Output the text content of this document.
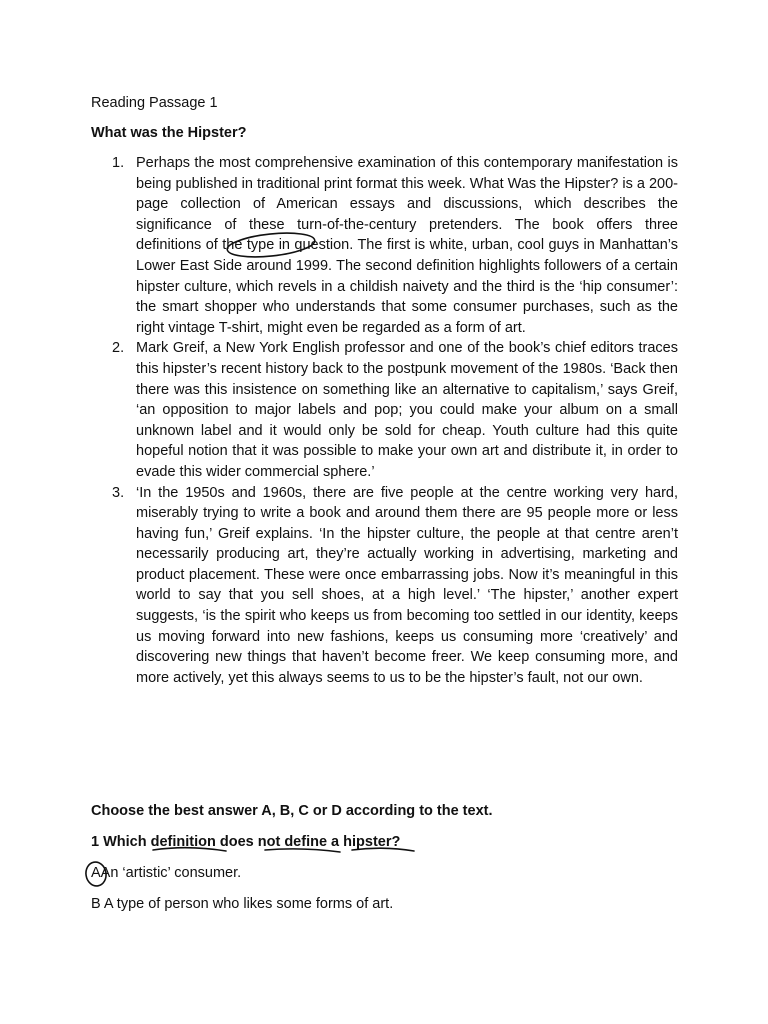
Reading Passage 1
What was the Hipster?
1. Perhaps the most comprehensive examination of this contemporary manifestation is being published in traditional print format this week. What Was the Hipster? is a 200-page collection of American essays and discussions, which describes the significance of these turn-of-the-century pretenders. The book offers three definitions of the type in question. The first is white, urban, cool guys in Manhattan’s Lower East Side around 1999. The second definition highlights followers of a certain hipster culture, which revels in a childish naivety and the third is the ‘hip consumer’: the smart shopper who understands that some consumer purchases, such as the right vintage T-shirt, might even be regarded as a form of art.
2. Mark Greif, a New York English professor and one of the book’s chief editors traces this hipster’s recent history back to the postpunk movement of the 1980s. ‘Back then there was this insistence on something like an alternative to capitalism,’ says Greif, ‘an opposition to major labels and pop; you could make your album on a small unknown label and it would only be sold for cheap. Youth culture had this quite hopeful notion that it was possible to make your own art and distribute it, in order to evade this wider commercial sphere.’
3. ‘In the 1950s and 1960s, there are five people at the centre working very hard, miserably trying to write a book and around them there are 95 people more or less having fun,’ Greif explains. ‘In the hipster culture, the people at that centre aren’t necessarily producing art, they’re actually working in advertising, marketing and product placement. These were once embarrassing jobs. Now it’s meaningful in this world to say that you sell shoes, at a high level.’ ‘The hipster,’ another expert suggests, ‘is the spirit who keeps us from becoming too settled in our identity, keeps us moving forward into new fashions, keeps us consuming more ‘creatively’ and discovering new things that haven’t become freer. We keep consuming more, and more actively, yet this always seems to us to be the hipster’s fault, not our own.
Choose the best answer A, B, C or D according to the text.
1 Which definition does not define a hipster?
AAn ‘artistic’ consumer.
B A type of person who likes some forms of art.
